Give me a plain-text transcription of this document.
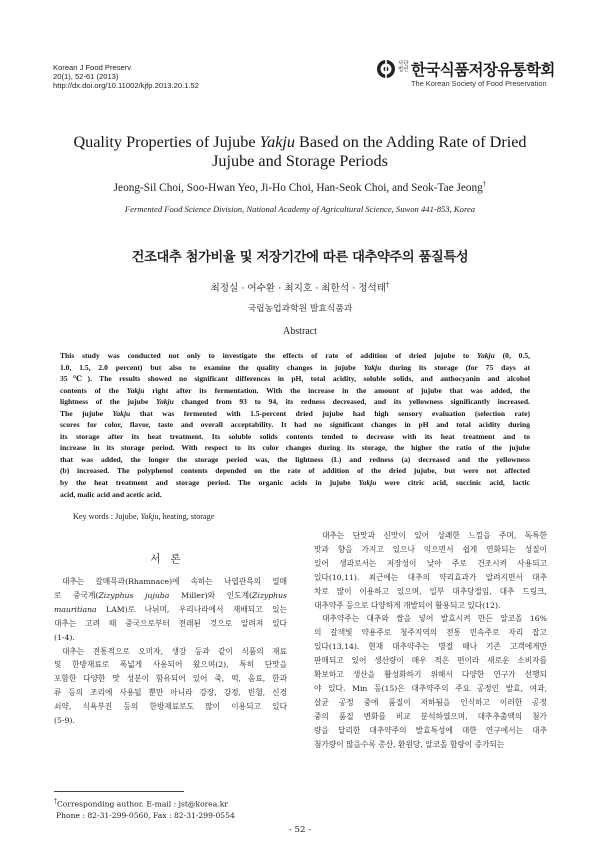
Korean J Food Preserv
20(1), 52-61 (2013)
http://dx.doi.org/10.11002/kjfp.2013.20.1.52
사단
법인 한국식품저장유통학회
The Korean Society of Food Preservation
Quality Properties of Jujube Yakju Based on the Adding Rate of Dried
Jujube and Storage Periods
Jeong-Sil Choi, Soo-Hwan Yeo, Ji-Ho Choi, Han-Seok Choi, and Seok-Tae Jeong†
Fermented Food Science Division, National Academy of Agricultural Science, Suwon 441-853, Korea
건조대추 첨가비율 및 저장기간에 따른 대추약주의 품질특성
최정실 · 여수환 · 최지호 · 최한석 · 정석태†
국립농업과학원 발효식품과
Abstract
This study was conducted not only to investigate the effects of rate of addition of dried jujube to Yakju (0, 0.5,
1.0, 1.5, 2.0 percent) but also to examine the quality changes in jujube Yakju during its storage (for 75 days at
35℃). The results showed no significant differences in pH, total acidity, soluble solids, and anthocyanin and alcohol
contents of the Yakju right after its fermentation. With the increase in the amount of jujube that was added, the
lightness of the jujube Yakju changed from 93 to 94, its redness decreased, and its yellowness significantly increased.
The jujube Yakju that was fermented with 1.5-percent dried jujube had high sensory evaluation (selection rate)
scores for color, flavor, taste and overall acceptability. It had no significant changes in pH and total acidity during
its storage after its heat treatment. Its soluble solids contents tended to decrease with its heat treatment and to
increase in its storage period. With respect to its color changes during its storage, the higher the ratio of the jujube
that was added, the longer the storage period was, the lightness (L) and redness (a) decreased and the yellowness
(b) increased. The polyphenol contents depended on the rate of addition of the dried jujube, but were not affected
by the heat treatment and storage period. The organic acids in jujube Yakju were citric acid, succinic acid, lactic
acid, malic acid and acetic acid.
Key words : Jujube, Yakju, heating, storage
서론
대추는 갈매목과(Rhamnace)에 속하는 낙엽관목의 열매
로 중국계(Zizyphus jujuba Miller)와 인도계(Zizyphus
mauritiana LAM)로 나뉘며, 우리나라에서 재배되고 있는
대추는 고려 때 중국으로부터 전래된 것으로 알려져 있다
(1-4).
대추는 전통적으로 오미자, 생강 등과 같이 식품의 재료
및 한방재료로 폭넓게 사용되어 왔으며(2), 특히 단맛을
포함한 다양한 맛 성분이 함유되어 있어 죽, 떡, 음료, 한과
류 등의 조리에 사용될 뿐만 아니라 강장, 강정, 빈혈, 신경
쇠약, 식욕부진 등의 한방재료로도 많이 이용되고 있다
(5-9).
대추는 단맛과 신맛이 있어 상쾌한 느낌을 주며, 독특한
맛과 향을 가지고 있으나 익으면서 쉽게 연화되는 성질이
있어 생과로서는 저장성이 낮아 주로 건조시켜 사용되고
있다(10,11). 최근에는 대추의 약리효과가 알려지면서 대추
차로 많이 이용하고 있으며, 일부 대추당절임, 대추 드링크,
대추약주 등으로 다양하게 개발되어 활용되고 있다(12).
대추약주는 대추와 쌀을 넣어 발효시켜 만든 알코올 16%
의 갈색빛 약용주로 청주지역의 전통 민속주로 자리 잡고
있다(13,14). 현재 대추약주는 명절 때나 기존 고객에게만
판매되고 있어 생산량이 매우 적은 편이라 새로운 소비자를
확보하고 생산을 활성화하기 위해서 다양한 연구가 선행되
야 있다. Min 등(15)은 대추약주의 주요 공정인 발효, 여과,
살균 공정 중에 품질이 저하됨을 인식하고 이러한 공정
중의 품질 변화를 비교 분석하였으며, 대추추출액의 첨가
량을 달리한 대추약주의 발효특성에 대한 연구에서는 대추
첨가량이 많을수록 총산, 환원당, 알코올 함량이 증가되는
†Corresponding author. E-mail : jst@korea.kr
Phone : 82-31-299-0560, Fax : 82-31-299-0554
- 52 -
